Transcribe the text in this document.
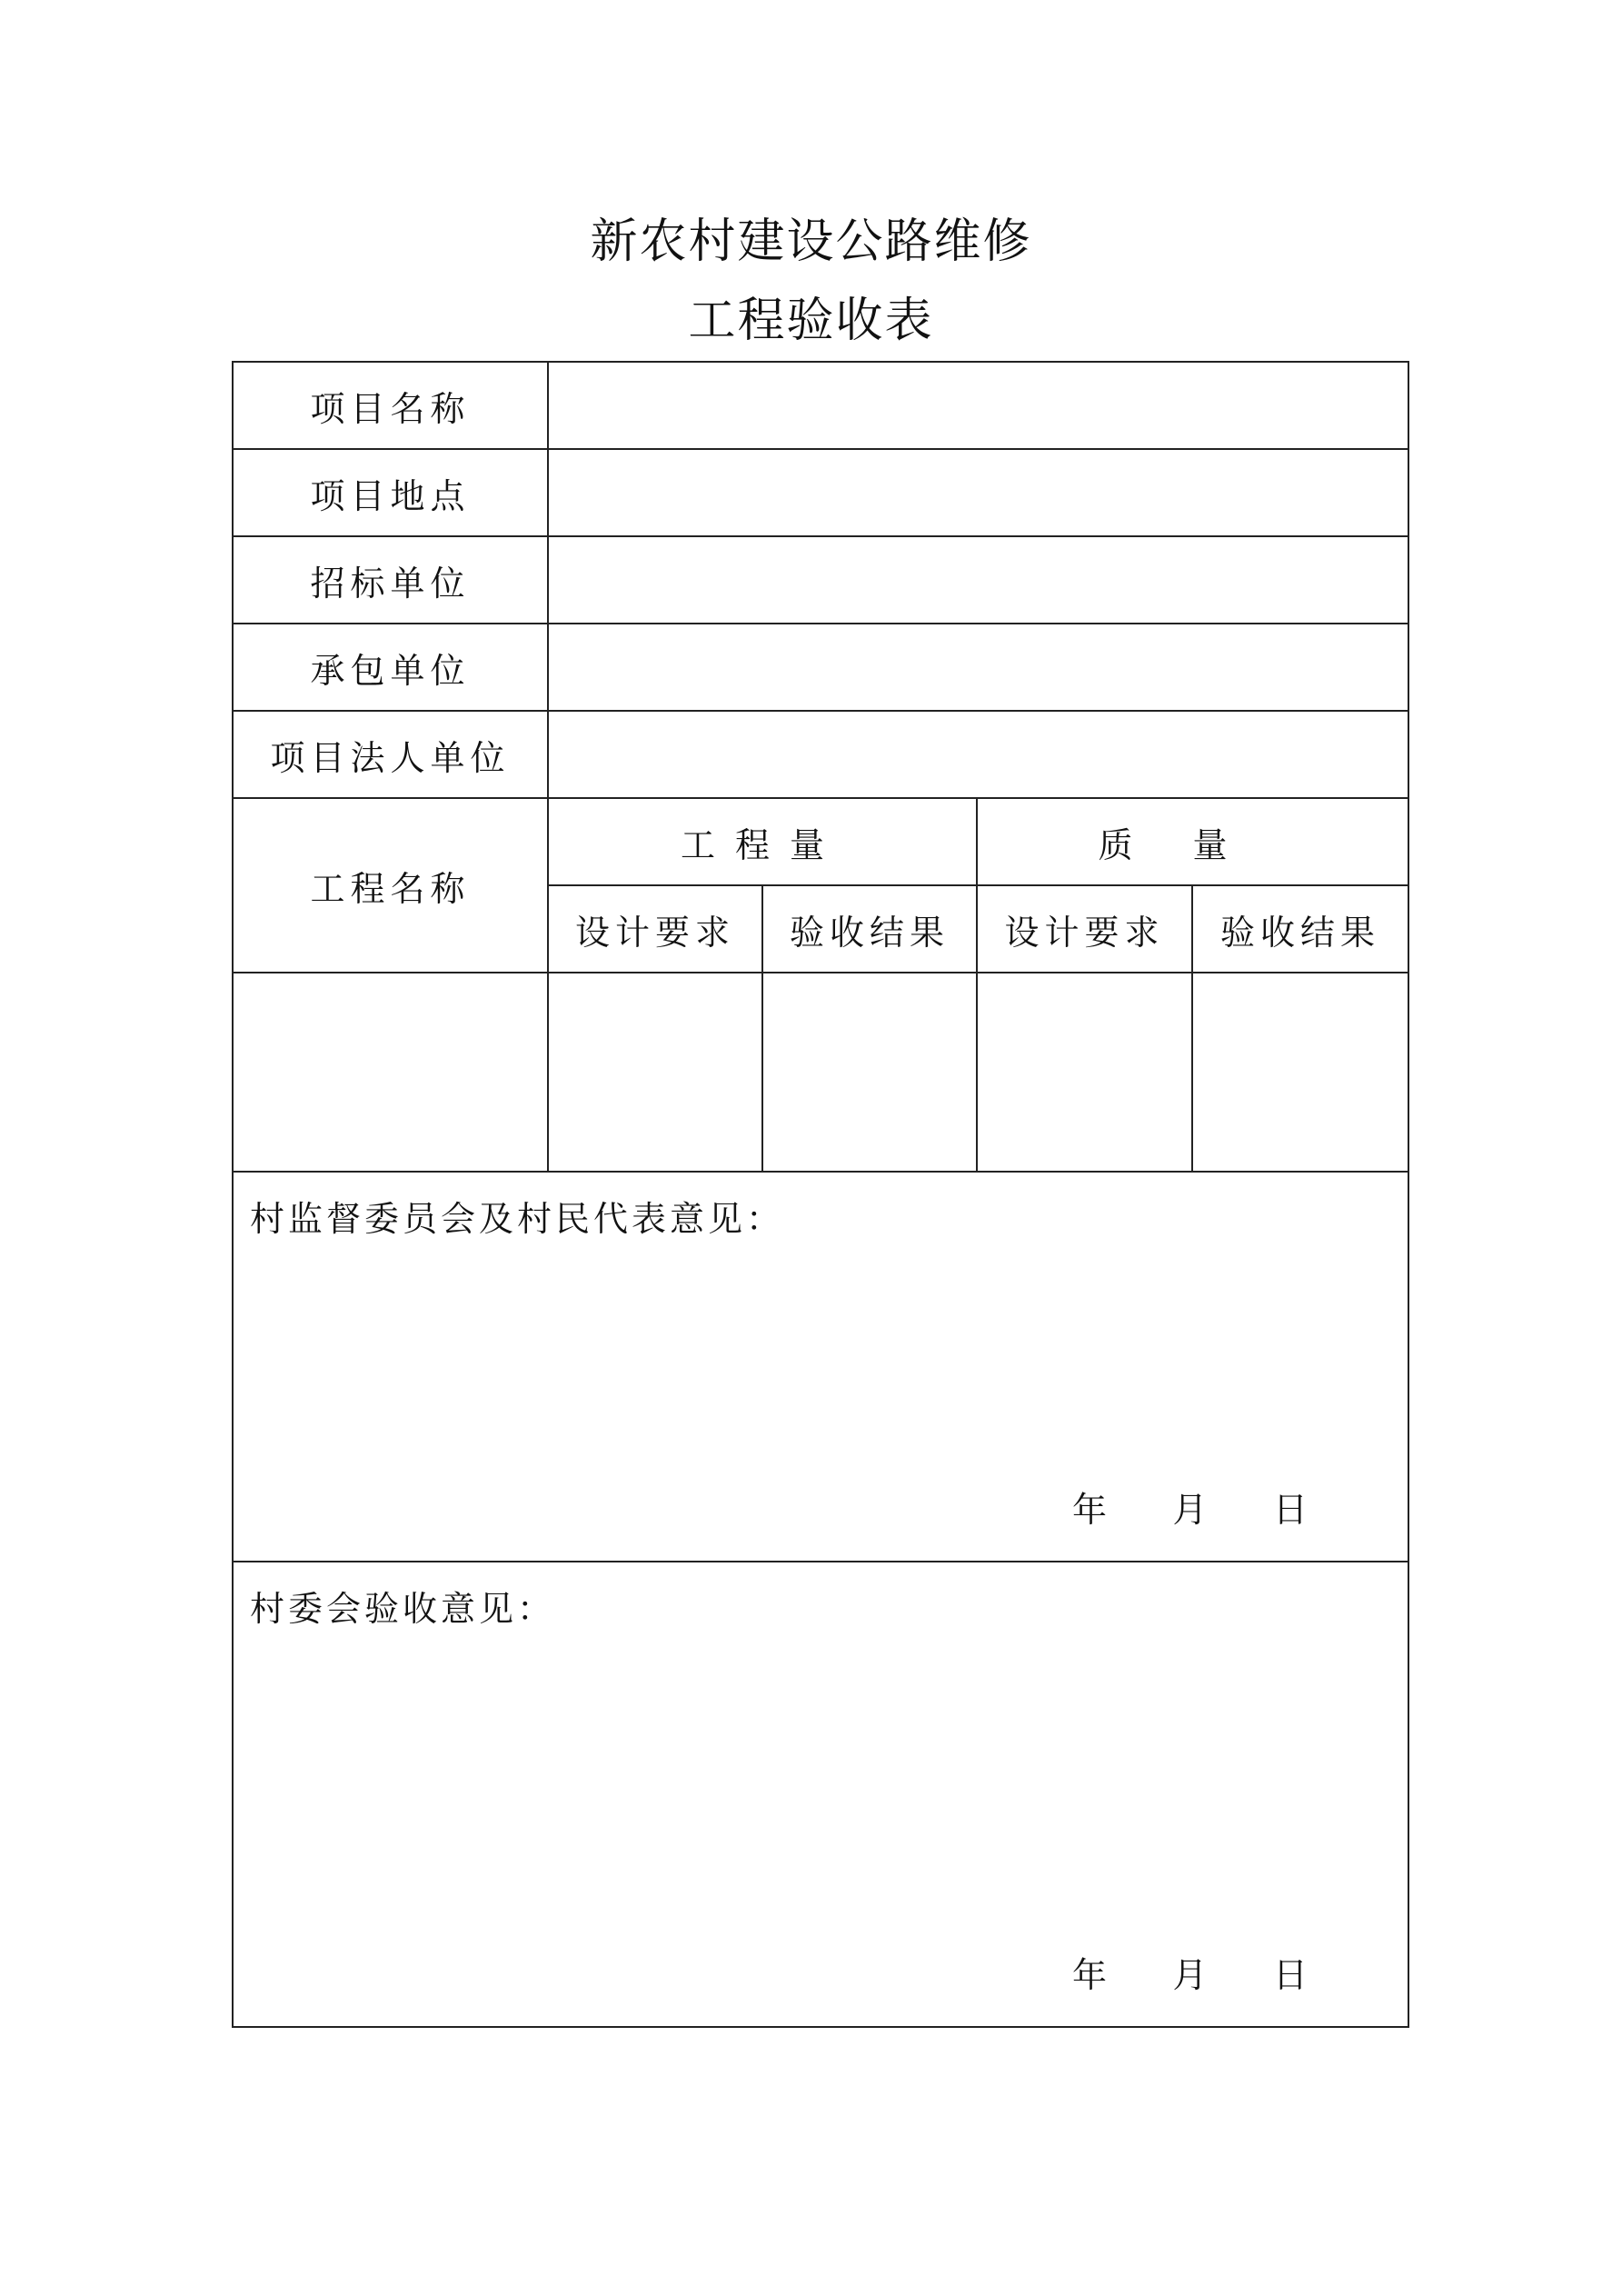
新农村建设公路维修
工程验收表
项目名称				
项目地点				
招标单位				
承包单位				
项目法人单位				
工程名称	工程量		质量	
	设计要求	验收结果	设计要求	验收结果

村监督委员会及村民代表意见：
年 月 日				

村委会验收意见：
年 月 日				
